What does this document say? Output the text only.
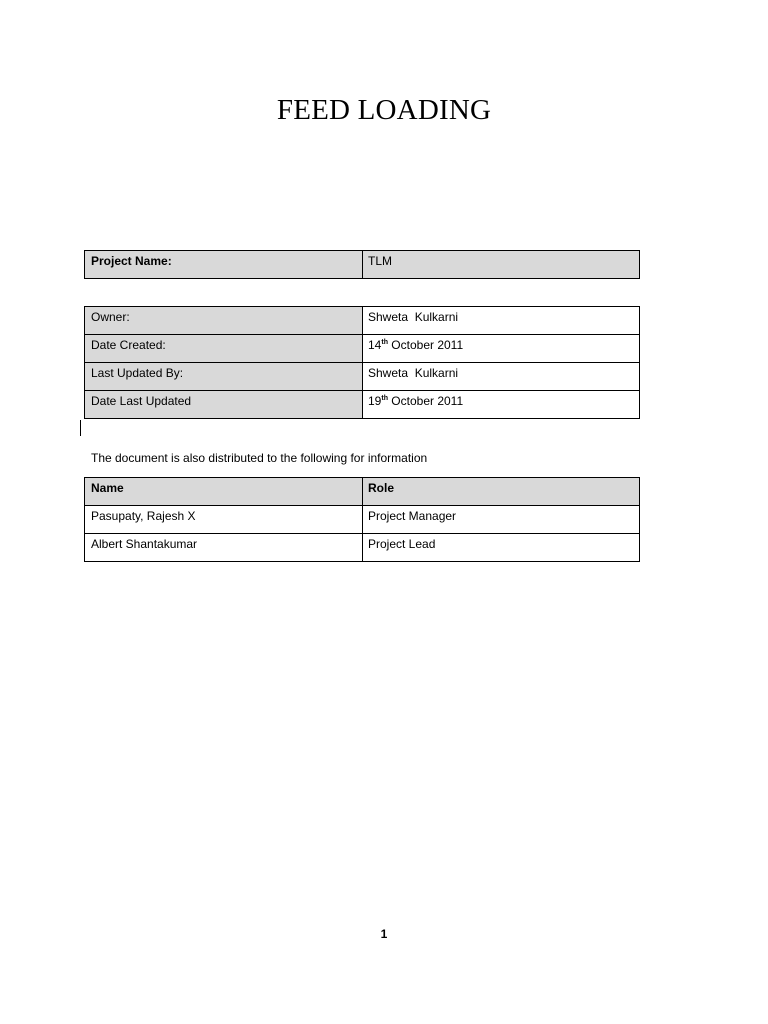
FEED LOADING
Project Name:	TLM
Owner:	Shweta  Kulkarni
Date Created:	14th October 2011
Last Updated By:	Shweta  Kulkarni
Date Last Updated	19th October 2011
The document is also distributed to the following for information
Name	Role
Pasupaty, Rajesh X	Project Manager
Albert Shantakumar	Project Lead
1
